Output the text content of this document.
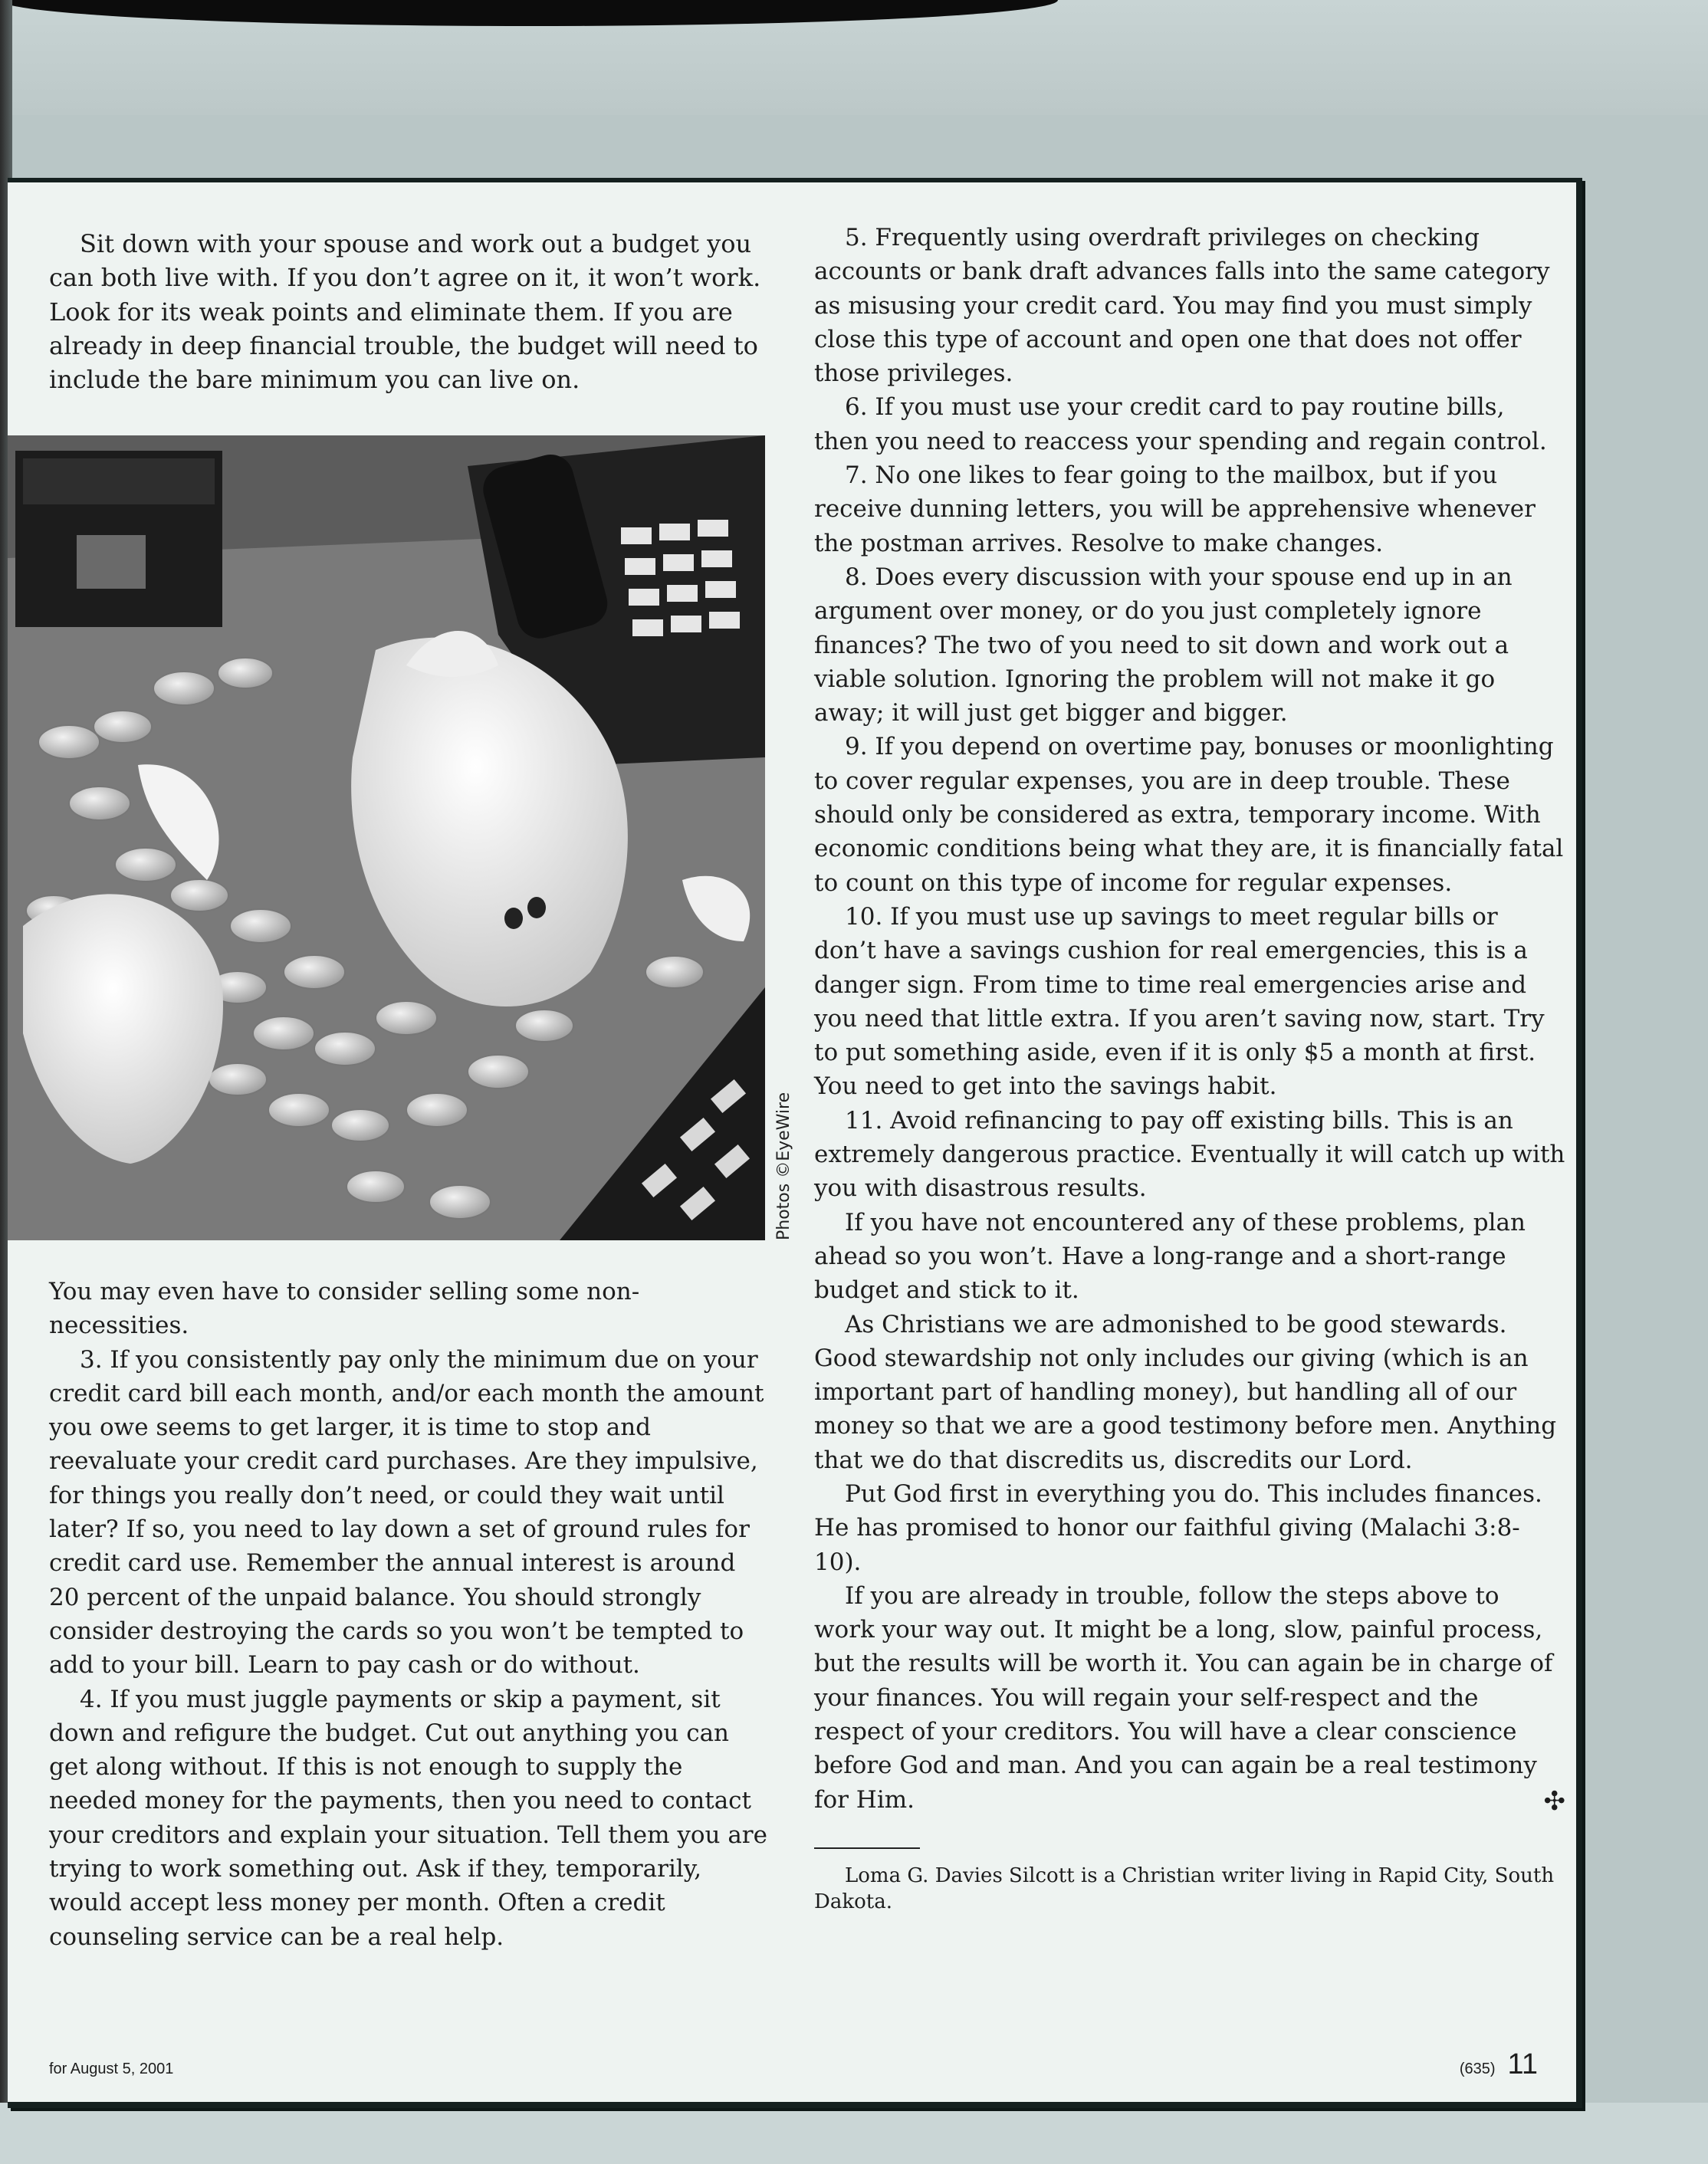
Sit down with your spouse and work out a budget you can both live with. If you don’t agree on it, it won’t work. Look for its weak points and eliminate them. If you are already in deep financial trouble, the budget will need to include the bare minimum you can live on.

Photos ©EyeWire

You may even have to consider selling some non-necessities.

3. If you consistently pay only the minimum due on your credit card bill each month, and/or each month the amount you owe seems to get larger, it is time to stop and reevaluate your credit card purchases. Are they impulsive, for things you really don’t need, or could they wait until later? If so, you need to lay down a set of ground rules for credit card use. Remember the annual interest is around 20 percent of the unpaid balance. You should strongly consider destroying the cards so you won’t be tempted to add to your bill. Learn to pay cash or do without.

4. If you must juggle payments or skip a payment, sit down and refigure the budget. Cut out anything you can get along without. If this is not enough to supply the needed money for the payments, then you need to contact your creditors and explain your situation. Tell them you are trying to work something out. Ask if they, temporarily, would accept less money per month. Often a credit counseling service can be a real help.

5. Frequently using overdraft privileges on checking accounts or bank draft advances falls into the same category as misusing your credit card. You may find you must simply close this type of account and open one that does not offer those privileges.

6. If you must use your credit card to pay routine bills, then you need to reaccess your spending and regain control.

7. No one likes to fear going to the mailbox, but if you receive dunning letters, you will be apprehensive whenever the postman arrives. Resolve to make changes.

8. Does every discussion with your spouse end up in an argument over money, or do you just completely ignore finances? The two of you need to sit down and work out a viable solution. Ignoring the problem will not make it go away; it will just get bigger and bigger.

9. If you depend on overtime pay, bonuses or moonlighting to cover regular expenses, you are in deep trouble. These should only be considered as extra, temporary income. With economic conditions being what they are, it is financially fatal to count on this type of income for regular expenses.

10. If you must use up savings to meet regular bills or don’t have a savings cushion for real emergencies, this is a danger sign. From time to time real emergencies arise and you need that little extra. If you aren’t saving now, start. Try to put something aside, even if it is only $5 a month at first. You need to get into the savings habit.

11. Avoid refinancing to pay off existing bills. This is an extremely dangerous practice. Eventually it will catch up with you with disastrous results.

If you have not encountered any of these problems, plan ahead so you won’t. Have a long-range and a short-range budget and stick to it.

As Christians we are admonished to be good stewards. Good stewardship not only includes our giving (which is an important part of handling money), but handling all of our money so that we are a good testimony before men. Anything that we do that discredits us, discredits our Lord.

Put God first in everything you do. This includes finances. He has promised to honor our faithful giving (Malachi 3:8-10).

If you are already in trouble, follow the steps above to work your way out. It might be a long, slow, painful process, but the results will be worth it. You can again be in charge of your finances. You will regain your self-respect and the respect of your creditors. You will have a clear conscience before God and man. And you can again be a real testimony for Him.	✣

Loma G. Davies Silcott is a Christian writer living in Rapid City, South Dakota.

for August 5, 2001	(635) 11
